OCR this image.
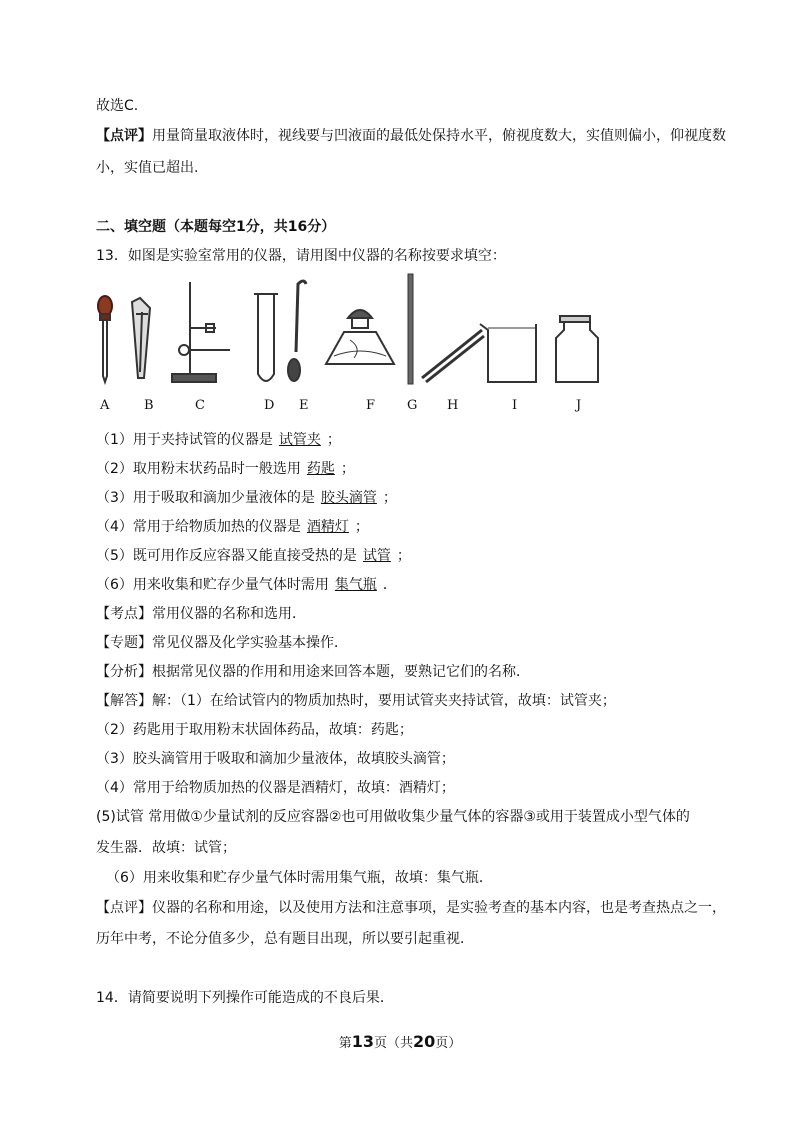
故选C.
【点评】用量筒量取液体时，视线要与凹液面的最低处保持水平，俯视度数大，实值则偏小，仰视度数
小，实值已超出.
二、填空题（本题每空1分，共16分）
13．如图是实验室常用的仪器，请用图中仪器的名称按要求填空：
A	B	C	D E	F G H	I	J
（1）用于夹持试管的仪器是 试管夹 ；
（2）取用粉末状药品时一般选用 药匙 ；
（3）用于吸取和滴加少量液体的是 胶头滴管 ；
（4）常用于给物质加热的仪器是 酒精灯 ；
（5）既可用作反应容器又能直接受热的是 试管 ；
（6）用来收集和贮存少量气体时需用 集气瓶 ．
【考点】常用仪器的名称和选用．
【专题】常见仪器及化学实验基本操作．
【分析】根据常见仪器的作用和用途来回答本题，要熟记它们的名称．
【解答】解：（1）在给试管内的物质加热时，要用试管夹夹持试管，故填：试管夹；
（2）药匙用于取用粉末状固体药品，故填：药匙；
（3）胶头滴管用于吸取和滴加少量液体，故填胶头滴管；
（4）常用于给物质加热的仪器是酒精灯，故填：酒精灯；
(5)试管 常用做①少量试剂的反应容器②也可用做收集少量气体的容器③或用于装置成小型气体的
发生器．故填：试管；
（6）用来收集和贮存少量气体时需用集气瓶，故填：集气瓶．
【点评】仪器的名称和用途，以及使用方法和注意事项，是实验考查的基本内容，也是考查热点之一，
历年中考，不论分值多少，总有题目出现，所以要引起重视．
14．请简要说明下列操作可能造成的不良后果．
第13页（共20页）
